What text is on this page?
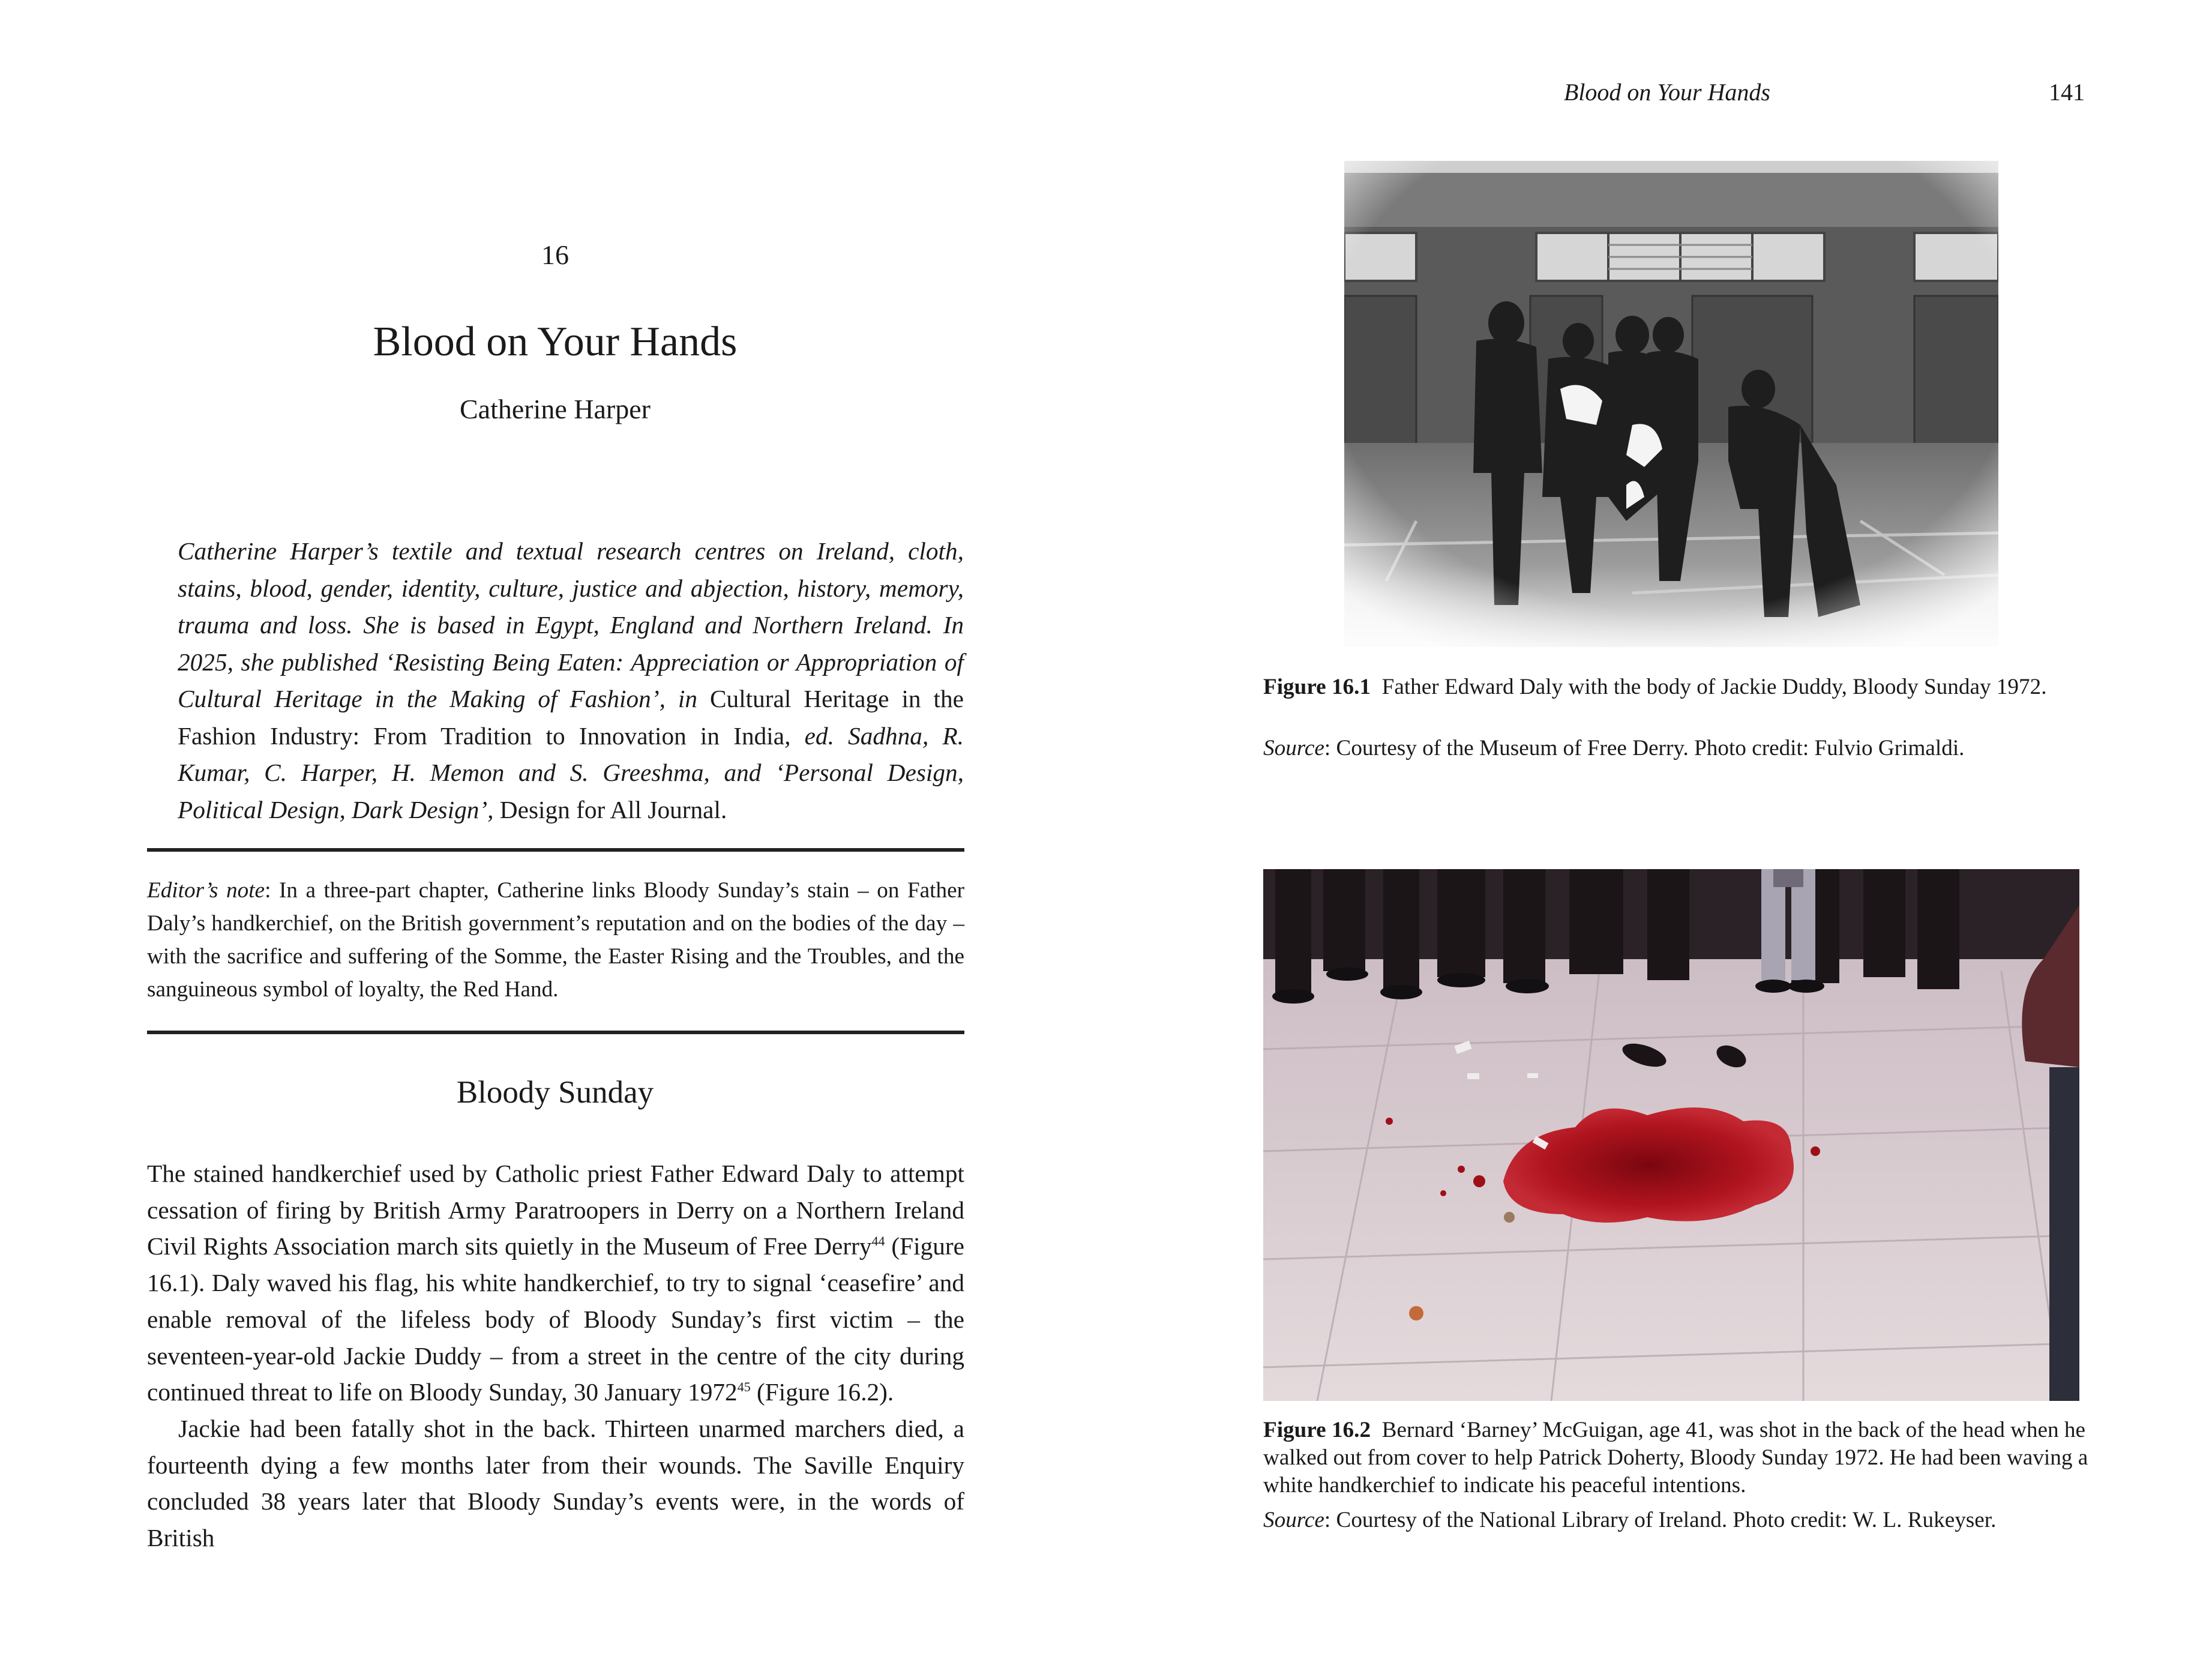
16
Blood on Your Hands
Catherine Harper
Catherine Harper’s textile and textual research centres on Ireland, cloth, stains, blood, gender, identity, culture, justice and abjection, history, memory, trauma and loss. She is based in Egypt, England and Northern Ireland. In 2025, she published ‘Resisting Being Eaten: Appreciation or Appropriation of Cultural Heritage in the Making of Fashion’, in Cultural Heritage in the Fashion Industry: From Tradition to Innovation in India, ed. Sadhna, R. Kumar, C. Harper, H. Memon and S. Greeshma, and ‘Personal Design, Political Design, Dark Design’, Design for All Journal.
Editor’s note: In a three-part chapter, Catherine links Bloody Sunday’s stain – on Father Daly’s handkerchief, on the British government’s reputation and on the bodies of the day – with the sacrifice and suffering of the Somme, the Easter Rising and the Troubles, and the sanguineous symbol of loyalty, the Red Hand.
Bloody Sunday

The stained handkerchief used by Catholic priest Father Edward Daly to attempt cessation of firing by British Army Paratroopers in Derry on a Northern Ireland Civil Rights Association march sits quietly in the Museum of Free Derry$^{44}$ (Figure 16.1). Daly waved his flag, his white handkerchief, to try to signal ‘ceasefire’ and enable removal of the lifeless body of Bloody Sunday’s first victim – the seventeen-year-old Jackie Duddy – from a street in the centre of the city during continued threat to life on Bloody Sunday, 30 January 1972$^{45}$ (Figure 16.2).

Jackie had been fatally shot in the back. Thirteen unarmed marchers died, a fourteenth dying a few months later from their wounds. The Saville Enquiry concluded 38 years later that Bloody Sunday’s events were, in the words of British

Blood on Your Hands	141
Figure 16.1 Father Edward Daly with the body of Jackie Duddy, Bloody Sunday 1972.
Source: Courtesy of the Museum of Free Derry. Photo credit: Fulvio Grimaldi.
Figure 16.2 Bernard ‘Barney’ McGuigan, age 41, was shot in the back of the head when he walked out from cover to help Patrick Doherty, Bloody Sunday 1972. He had been waving a white handkerchief to indicate his peaceful intentions.
Source: Courtesy of the National Library of Ireland. Photo credit: W. L. Rukeyser.
